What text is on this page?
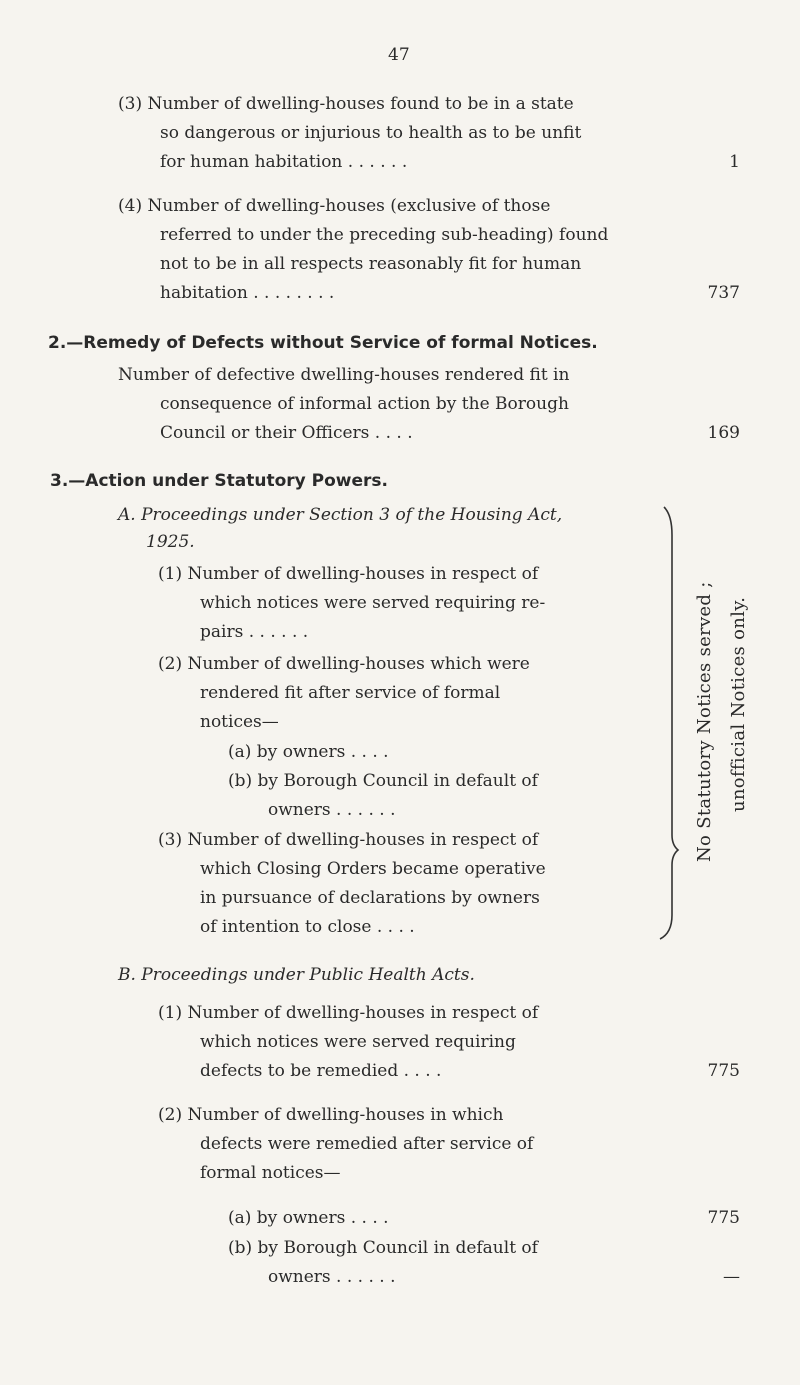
47
(3) Number of dwelling-houses found to be in a state
so dangerous or injurious to health as to be unfit
for human habitation . . . . . .	1
(4) Number of dwelling-houses (exclusive of those
referred to under the preceding sub-heading) found
not to be in all respects reasonably fit for human
habitation . . . . . . . .	737
2.—Remedy of Defects without Service of formal Notices.
Number of defective dwelling-houses rendered fit in
consequence of informal action by the Borough
Council or their Officers . . . .	169
3.—Action under Statutory Powers.
A. Proceedings under Section 3 of the Housing Act,
1925.
(1) Number of dwelling-houses in respect of
which notices were served requiring re-
pairs . . . . . .
(2) Number of dwelling-houses which were
rendered fit after service of formal
notices—
(a) by owners . . . .
(b) by Borough Council in default of
owners . . . . . .
(3) Number of dwelling-houses in respect of
which Closing Orders became operative
in pursuance of declarations by owners
of intention to close . . . .
No Statutory Notices served ; unofficial Notices only.
B. Proceedings under Public Health Acts.
(1) Number of dwelling-houses in respect of
which notices were served requiring
defects to be remedied . . . .	775
(2) Number of dwelling-houses in which
defects were remedied after service of
formal notices—
(a) by owners . . . .	775
(b) by Borough Council in default of
owners . . . . . .	—
